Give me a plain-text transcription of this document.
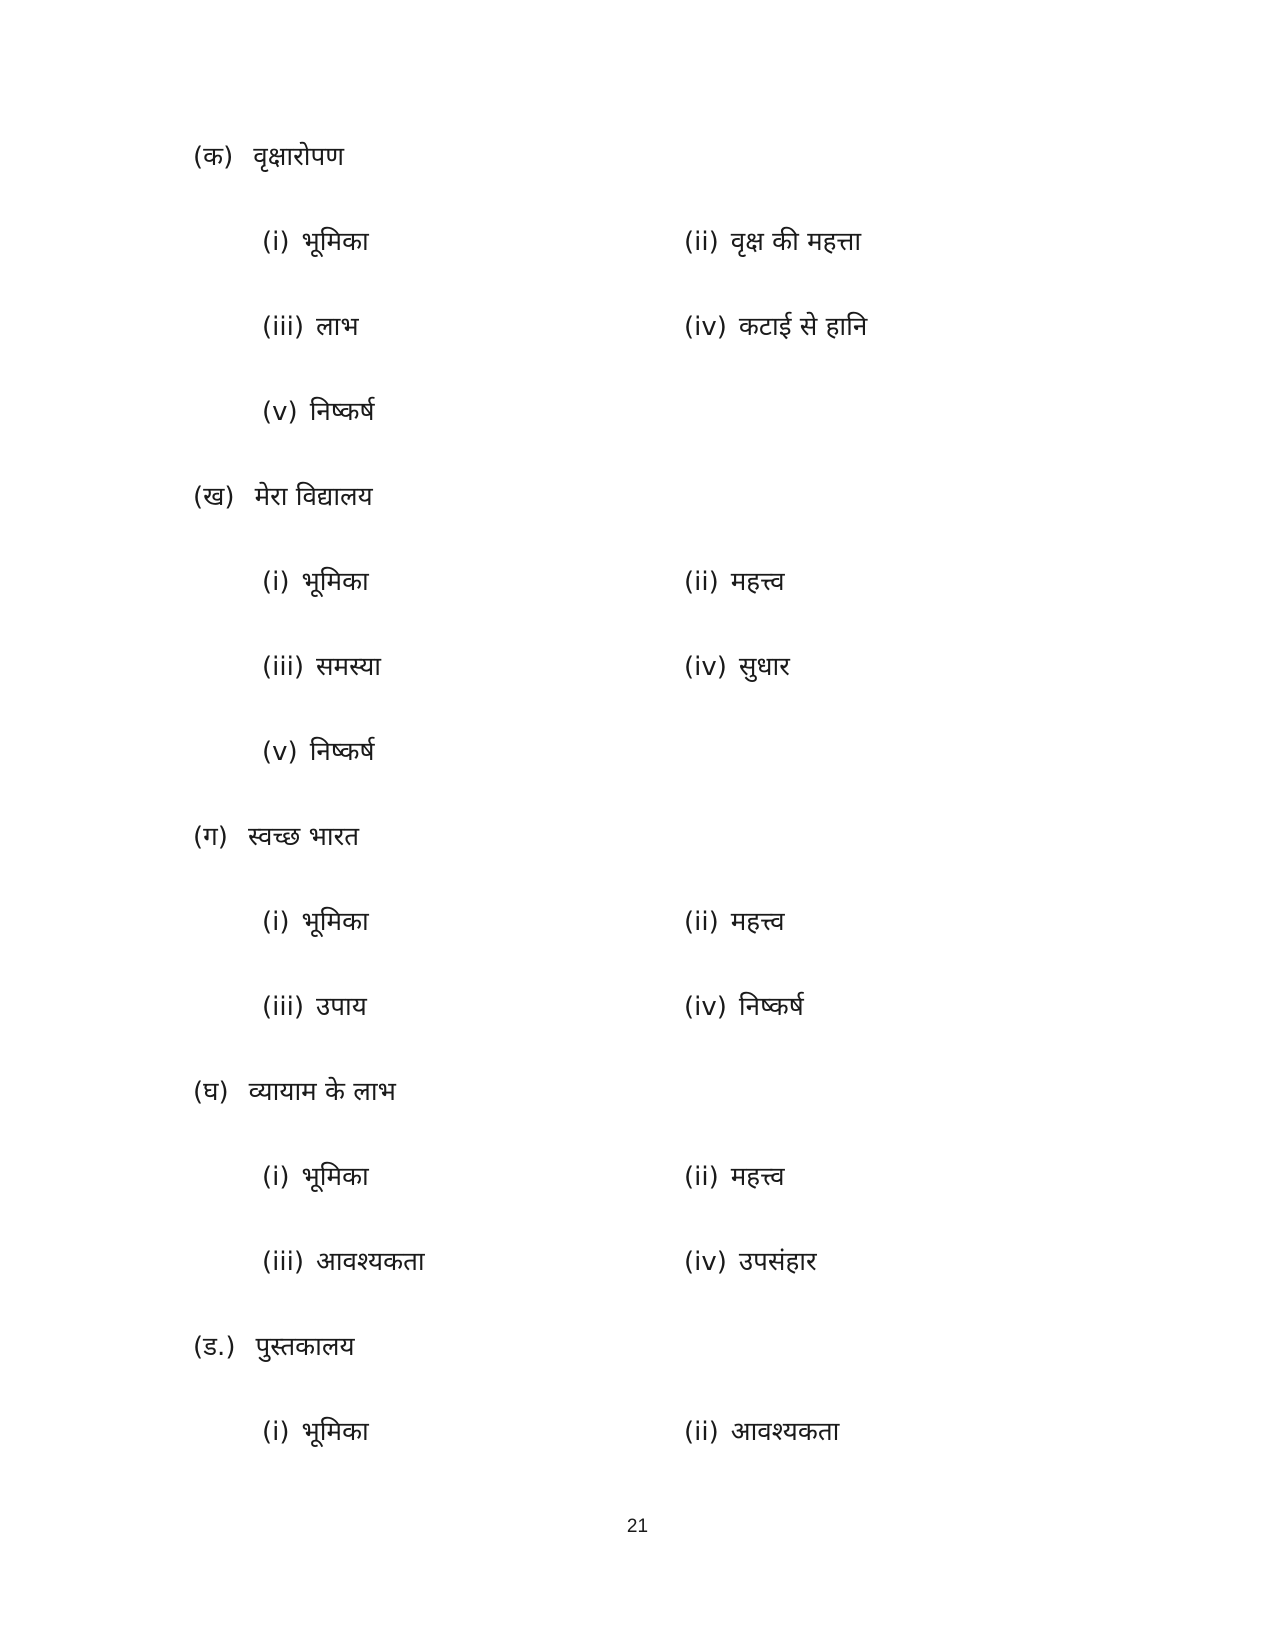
(क) वृक्षारोपण
(i) भूमिका	(ii) वृक्ष की महत्ता
(iii) लाभ	(iv) कटाई से हानि
(v) निष्कर्ष
(ख) मेरा विद्यालय
(i) भूमिका	(ii) महत्त्व
(iii) समस्या	(iv) सुधार
(v) निष्कर्ष
(ग) स्वच्छ भारत
(i) भूमिका	(ii) महत्त्व
(iii) उपाय	(iv) निष्कर्ष
(घ) व्यायाम के लाभ
(i) भूमिका	(ii) महत्त्व
(iii) आवश्यकता	(iv) उपसंहार
(ड.) पुस्तकालय
(i) भूमिका	(ii) आवश्यकता
21
